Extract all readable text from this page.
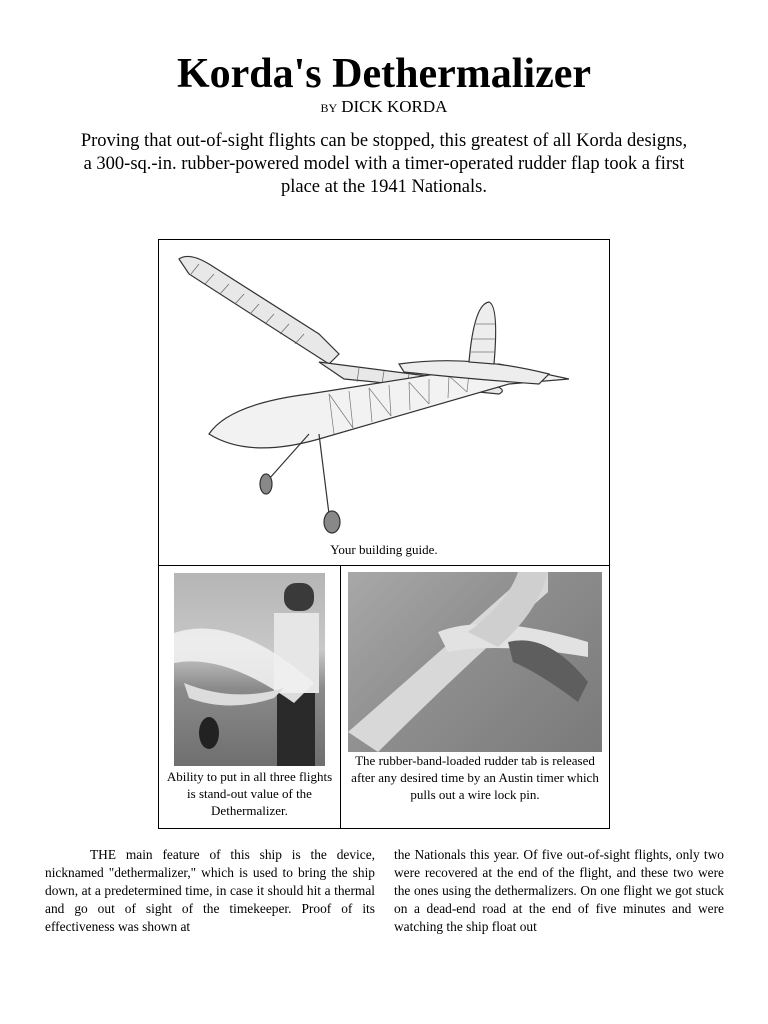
Korda's Dethermalizer
BY DICK KORDA
Proving that out-of-sight flights can be stopped, this greatest of all Korda designs, a 300-sq.-in. rubber-powered model with a timer-operated rudder flap took a first place at the 1941 Nationals.
Your building guide.
Ability to put in all three flights is stand-out value of the Dethermalizer.
The rubber-band-loaded rudder tab is released after any desired time by an Austin timer which pulls out a wire lock pin.
THE main feature of this ship is the device, nicknamed "dethermalizer," which is used to bring the ship down, at a predetermined time, in case it should hit a thermal and go out of sight of the timekeeper. Proof of its effectiveness was shown at
the Nationals this year. Of five out-of-sight flights, only two were recovered at the end of the flight, and these two were the ones using the dethermalizers. On one flight we got stuck on a dead-end road at the end of five minutes and were watching the ship float out
